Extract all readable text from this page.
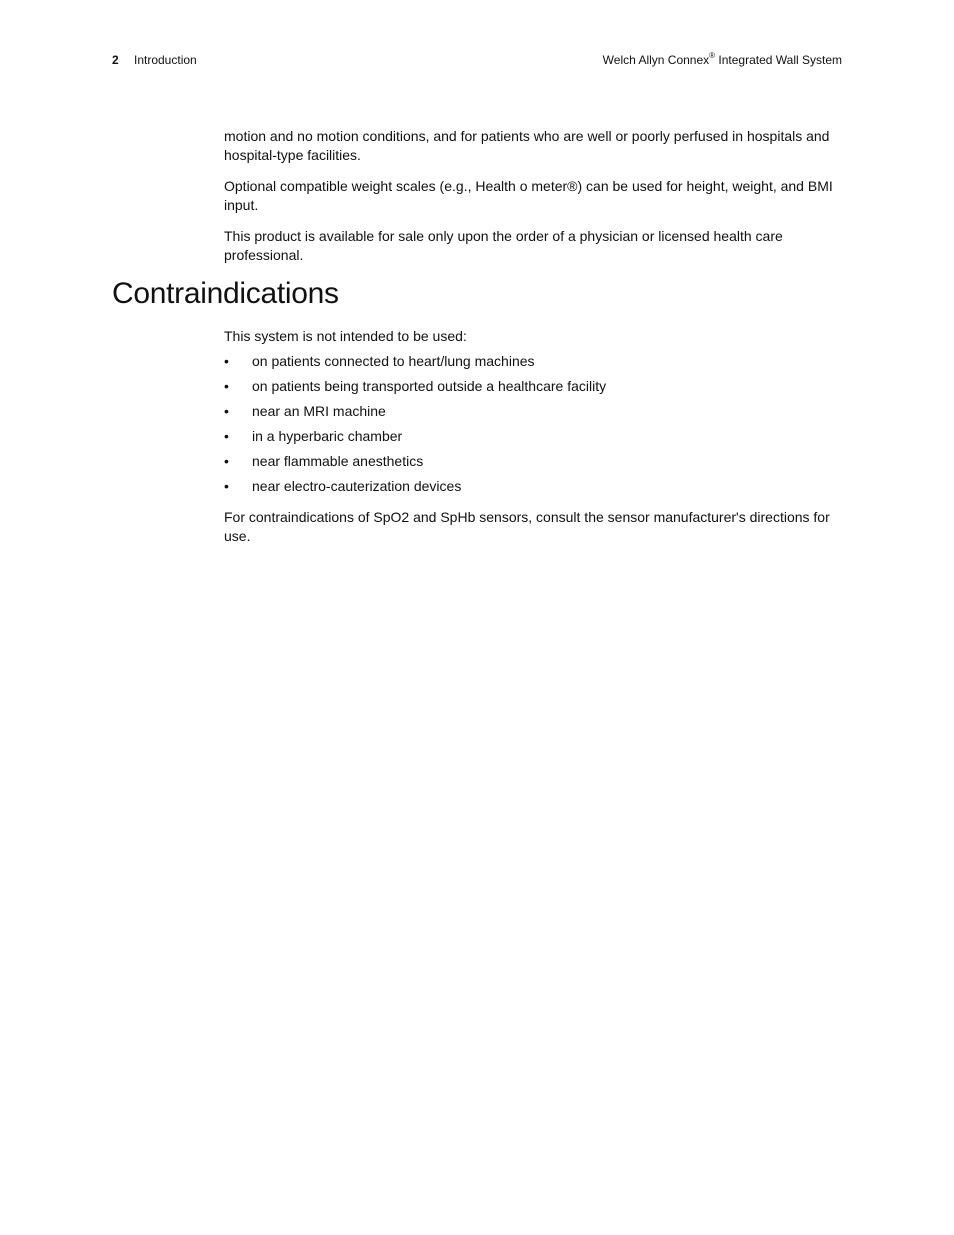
2 Introduction	Welch Allyn Connex® Integrated Wall System

motion and no motion conditions, and for patients who are well or poorly perfused in hospitals and hospital-type facilities.

Optional compatible weight scales (e.g., Health o meter®) can be used for height, weight, and BMI input.

This product is available for sale only upon the order of a physician or licensed health care professional.

Contraindications

This system is not intended to be used:

• on patients connected to heart/lung machines
• on patients being transported outside a healthcare facility
• near an MRI machine
• in a hyperbaric chamber
• near flammable anesthetics
• near electro-cauterization devices

For contraindications of SpO2 and SpHb sensors, consult the sensor manufacturer's directions for use.
